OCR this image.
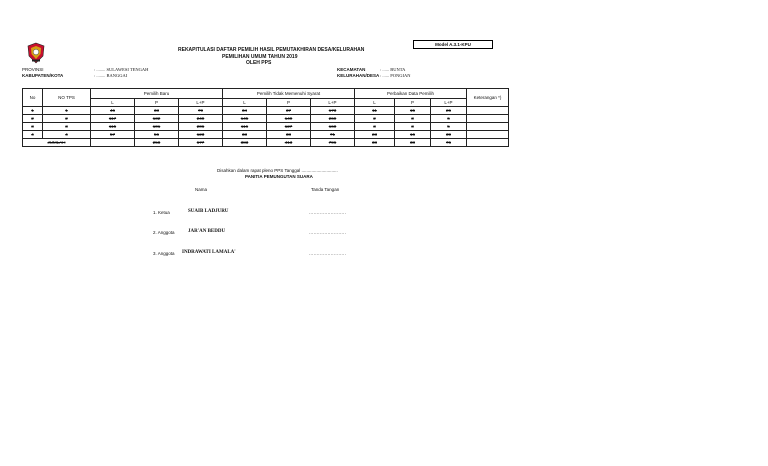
Model A.3.1-KPU
REKAPITULASI DAFTAR PEMILIH HASIL PEMUTAKHIRAN DESA/KELURAHAN
PEMILIHAN UMUM TAHUN 2019
OLEH PPS
PROVINSI	: ........ SULAWESI TENGAH
KABUPATEN/KOTA	: ........ BANGGAI
KECAMATAN	: ...... BUNTA
KELURAHAN/DESA : ...... PONGIAN
No	NO TPS	Pemilih Baru			Pemilih Tidak Memenuhi Syarat			Perbaikan Data Pemilih			Keterangan *)
		L	P	L+P	L	P	L+P	L	P	L+P	
1	1	46	33	79	34	37	173	11	15	26	
2	2	117	132	249	145	149	269	2	3	6	
3	3	115	101	206	116	127	160	3	3	5	
4	4	57	56	123	33	38	71	23	16	39	
JUMLAH			258	677	383	413	796	38	38	76	
Disahkan dalam rapat pleno PPS Tanggal .............................
PANITIA PEMUNGUTAN SUARA
Nama	Tanda Tangan
1. Ketua	SUAIB LADJURU	........................
2. Anggota	JAR'AN BEDDU	........................
3. Anggota INDRAWATI LAMALA'	........................
